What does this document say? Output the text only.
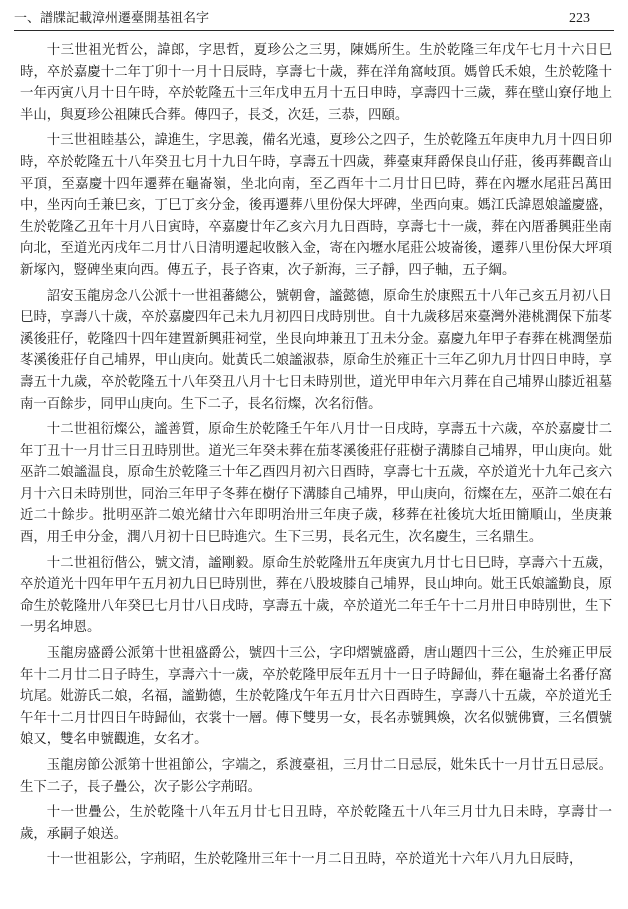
一、譜牒記載漳州遷臺開基祖名字	223

十三世祖光哲公，諱郎，字思哲，夏珍公之三男，陳媽所生。生於乾隆三年戊午七月十六日巳時，卒於嘉慶十二年丁卯十一月十日辰時，享壽七十歲，葬在洋角窩岐頂。媽曾氏禾娘，生於乾隆十一年丙寅八月十日午時，卒於乾隆五十三年戊申五月十五日申時，享壽四十三歲，葬在壁山寮仔地上半山，與夏珍公祖陳氏合葬。傳四子，長爻，次廷，三恭，四頤。

十三世祖睦基公，諱進生，字思義，備名光遠，夏珍公之四子，生於乾隆五年庚申九月十四日卯時，卒於乾隆五十八年癸丑七月十九日午時，享壽五十四歲，葬臺東拜爵保良山仔莊，後再葬觀音山平頂，至嘉慶十四年遷葬在龜崙嶺，坐北向南，至乙酉年十二月廿日巳時，葬在內壢水尾莊呂萬田中，坐丙向壬兼巳亥，丁巳丁亥分金，後再遷葬八里份保大坪碑，坐西向東。媽江氏諱恩娘謐慶盛，生於乾隆乙丑年十月八日寅時，卒嘉慶廿年乙亥六月九日酉時，享壽七十一歲，葬在內厝番興莊坐南向北，至道光丙戌年二月廿八日清明遷起收骸入金，寄在內壢水尾莊公坡崙後，遷葬八里份保大坪項新塚內，豎碑坐東向西。傳五子，長子咨東，次子新海，三子靜，四子軸，五子綱。

詔安玉龍房念八公派十一世祖蕃總公，號朝會，謐懿德，原命生於康熙五十八年己亥五月初八日巳時，享壽八十歲，卒於嘉慶四年己未九月初四日戌時別世。自十九歲移居來臺灣外港桃潤保下茄苳溪後莊仔，乾隆四十四年建置新興莊祠堂，坐艮向坤兼丑丁丑未分金。嘉慶九年甲子春葬在桃潤堡茄苳溪後莊仔自己埔界，甲山庚向。妣黃氏二娘謐淑恭，原命生於雍正十三年乙卯九月廿四日申時，享壽五十九歲，卒於乾隆五十八年癸丑八月十七日未時別世，道光甲申年六月葬在自己埔界山膝近祖墓南一百餘步，同甲山庚向。生下二子，長名衍燦，次名衍偕。

十二世祖衍燦公，謐善質，原命生於乾隆壬午年八月廿一日戌時，享壽五十六歲，卒於嘉慶廿二年丁丑十一月廿三日丑時別世。道光三年癸未葬在茄苳溪後莊仔莊樹子溝膝自己埔界，甲山庚向。妣巫許二娘謐温良，原命生於乾隆三十年乙酉四月初六日酉時，享壽七十五歲，卒於道光十九年己亥六月十六日未時別世，同治三年甲子冬葬在樹仔下溝膝自己埔界，甲山庚向，衍燦在左，巫許二娘在右近二十餘步。批明巫許二娘光緒廿六年即明治卅三年庚子歲，移葬在社後坑大坵田簡順山，坐庚兼酉，用壬申分金，潤八月初十日巳時進穴。生下三男，長名元生，次名慶生，三名鼎生。

十二世祖衍偕公，號文清，謐剛毅。原命生於乾隆卅五年庚寅九月廿七日巳時，享壽六十五歲，卒於道光十四年甲午五月初九日巳時別世，葬在八股坡膝自己埔界，艮山坤向。妣王氏娘謐勤良，原命生於乾隆卅八年癸巳七月廿八日戌時，享壽五十歲，卒於道光二年壬午十二月卅日申時別世，生下一男名坤恩。

玉龍房盛爵公派第十世祖盛爵公，號四十三公，字印熠號盛爵，唐山題四十三公，生於雍正甲辰年十二月廿二日子時生，享壽六十一歲，卒於乾隆甲辰年五月十一日子時歸仙，葬在龜崙土名番仔窩坑尾。妣游氏二娘，名福，謐勤德，生於乾隆戊午年五月廿六日酉時生，享壽八十五歲，卒於道光壬午年十二月廿四日午時歸仙，衣裳十一層。傳下雙男一女，長名赤號興煥，次名似號佛寶，三名價號娘又，雙名申號觀進，女名才。

玉龍房節公派第十世祖節公，字端之，系渡臺祖，三月廿二日忌辰，妣朱氏十一月廿五日忌辰。生下二子，長子疊公，次子影公字荊昭。

十一世疊公，生於乾隆十八年五月廿七日丑時，卒於乾隆五十八年三月廿九日未時，享壽廿一歲，承嗣子娘送。

十一世祖影公，字荊昭，生於乾隆卅三年十一月二日丑時，卒於道光十六年八月九日辰時，
